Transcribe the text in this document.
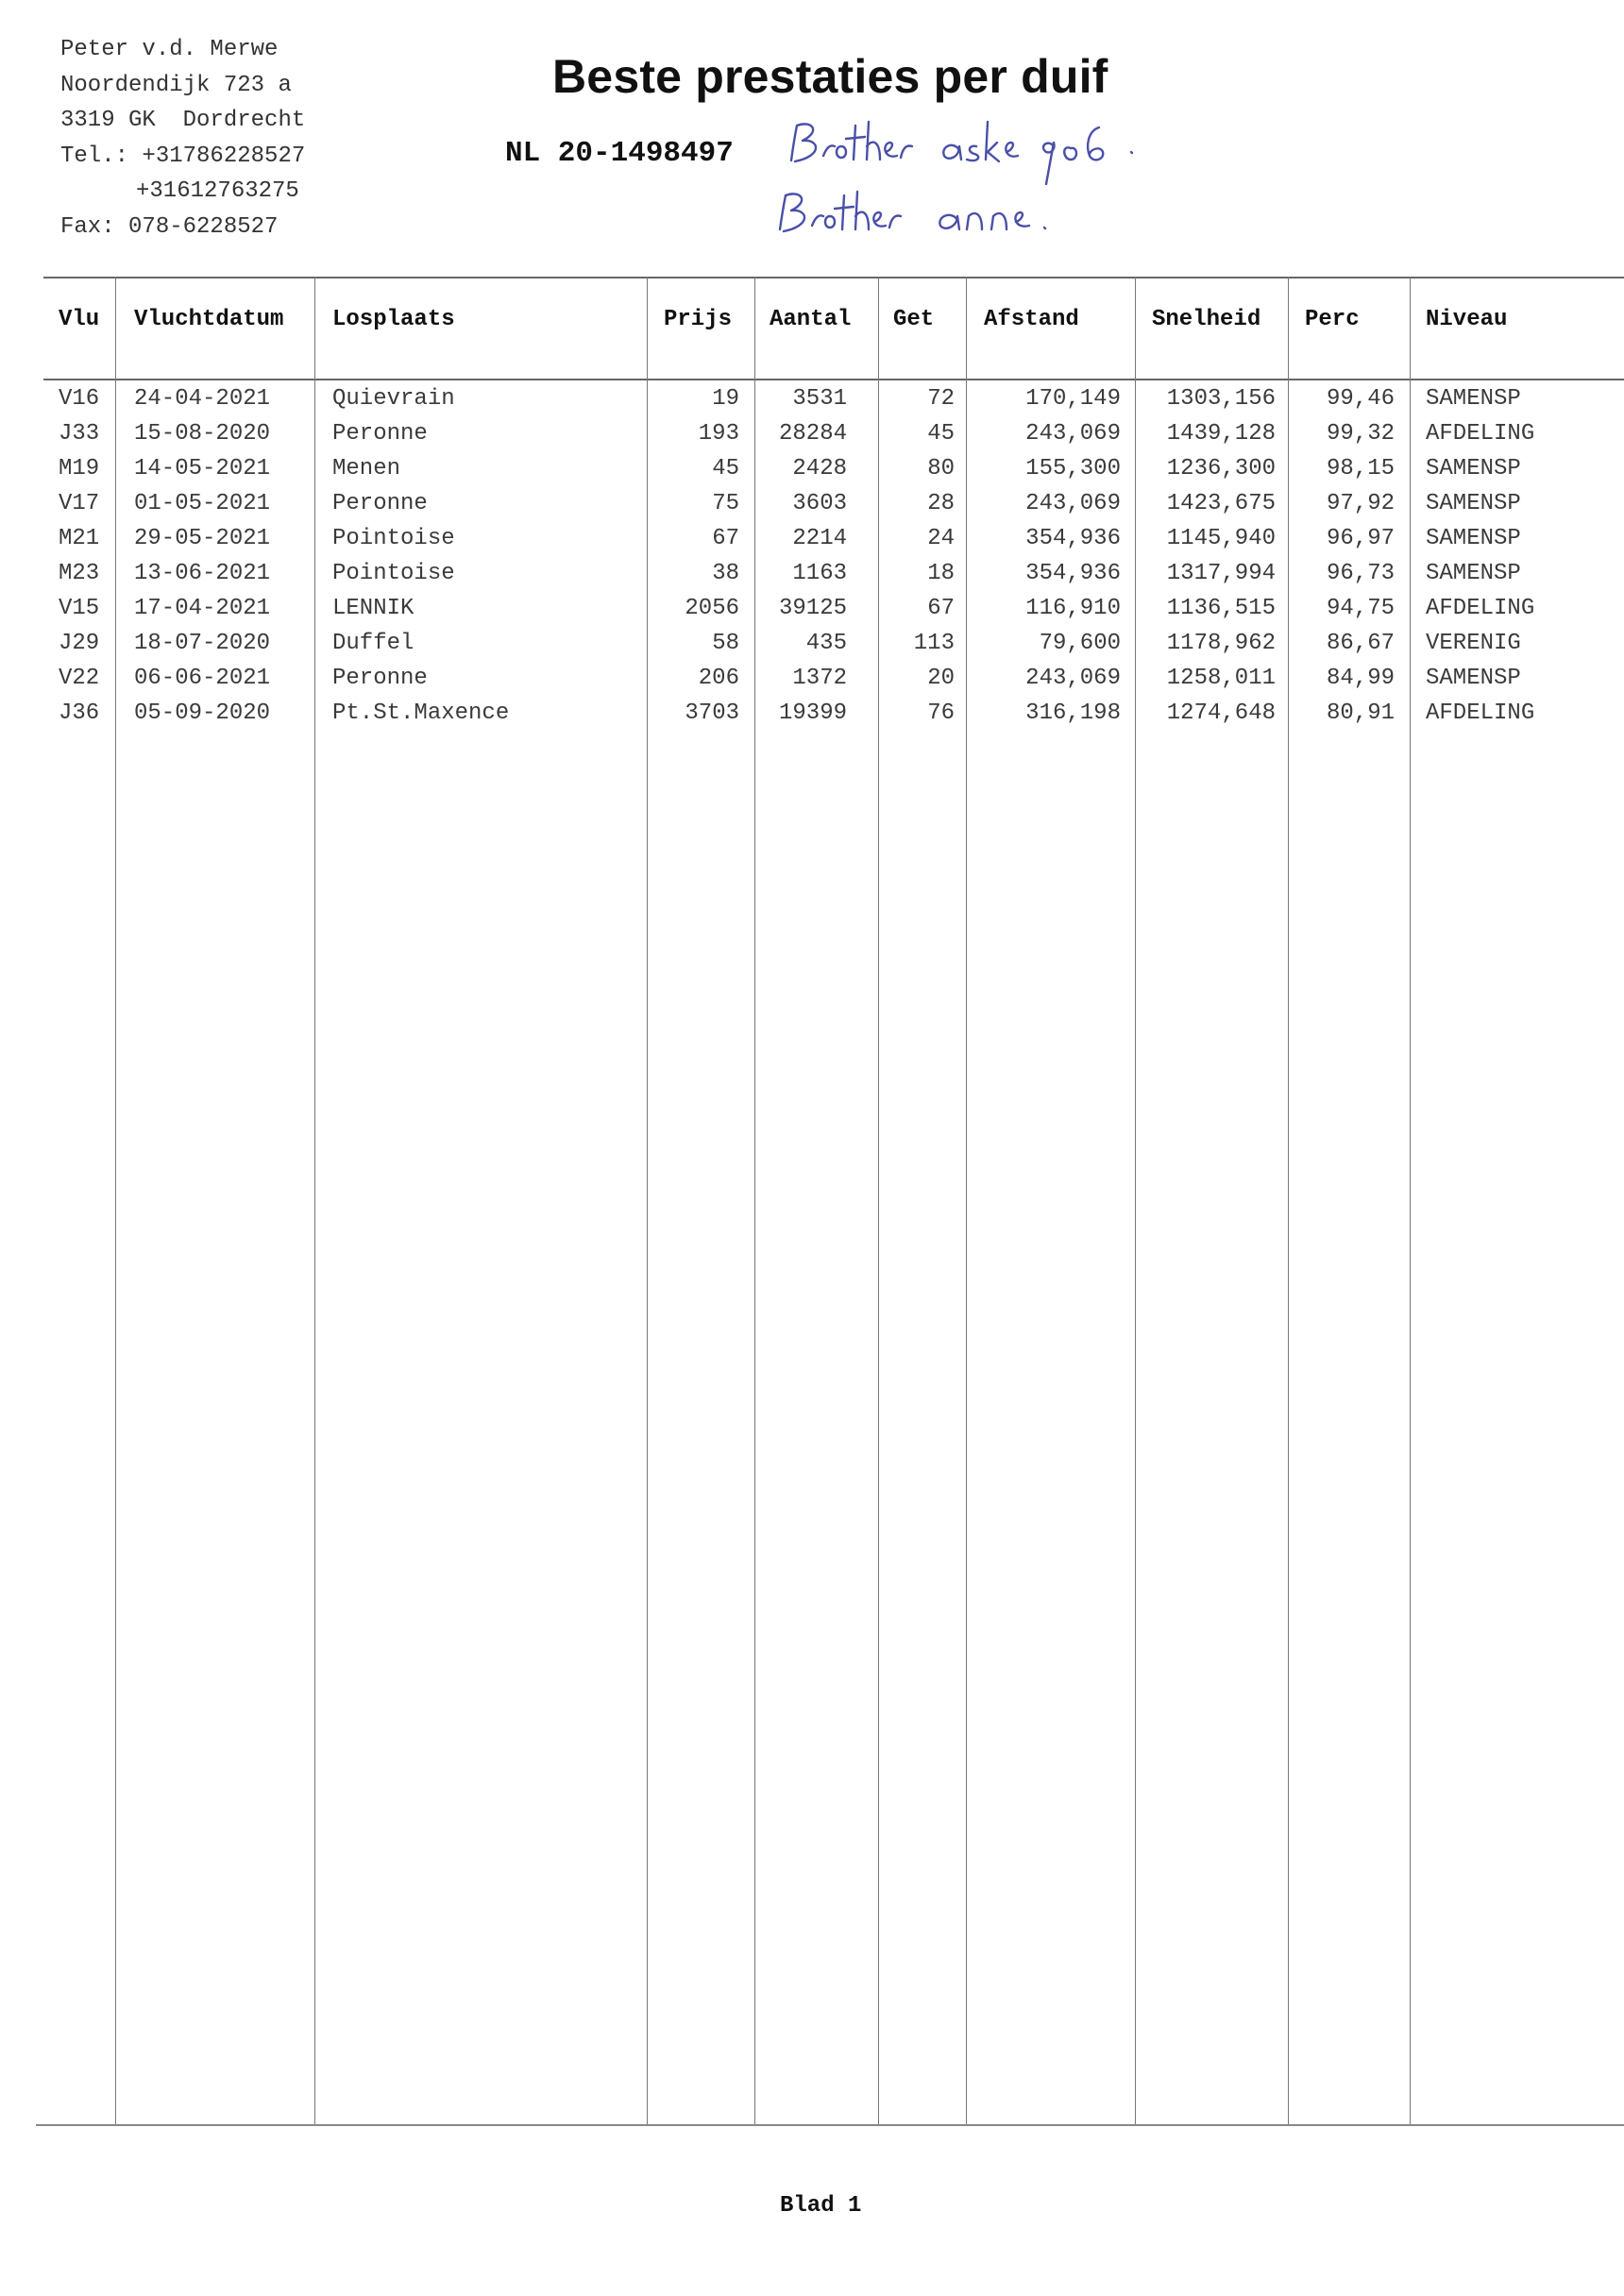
Peter v.d. Merwe
Noordendijk 723 a
3319 GK  Dordrecht
Tel.: +31786228527
+31612763275
Fax: 078-6228527
Beste prestaties per duif
NL 20-1498497
Vlu Vluchtdatum Losplaats	Prijs Aantal Get Afstand	Snelheid Perc	Niveau
V16 24-04-2021	Quievrain	19	3531	72	170,149	1303,156	99,46 SAMENSP
J33 15-08-2020	Peronne	193	28284	45	243,069	1439,128	99,32 AFDELING
M19 14-05-2021	Menen	45	2428	80	155,300	1236,300	98,15 SAMENSP
V17 01-05-2021	Peronne	75	3603	28	243,069	1423,675	97,92 SAMENSP
M21 29-05-2021	Pointoise	67	2214	24	354,936	1145,940	96,97 SAMENSP
M23 13-06-2021	Pointoise	38	1163	18	354,936	1317,994	96,73 SAMENSP
V15 17-04-2021	LENNIK	2056	39125	67	116,910	1136,515	94,75 AFDELING
J29 18-07-2020	Duffel	58	435	113	79,600	1178,962	86,67 VERENIG
V22 06-06-2021	Peronne	206	1372	20	243,069	1258,011	84,99 SAMENSP
J36 05-09-2020	Pt.St.Maxence	3703	19399	76	316,198	1274,648	80,91 AFDELING
Blad 1
